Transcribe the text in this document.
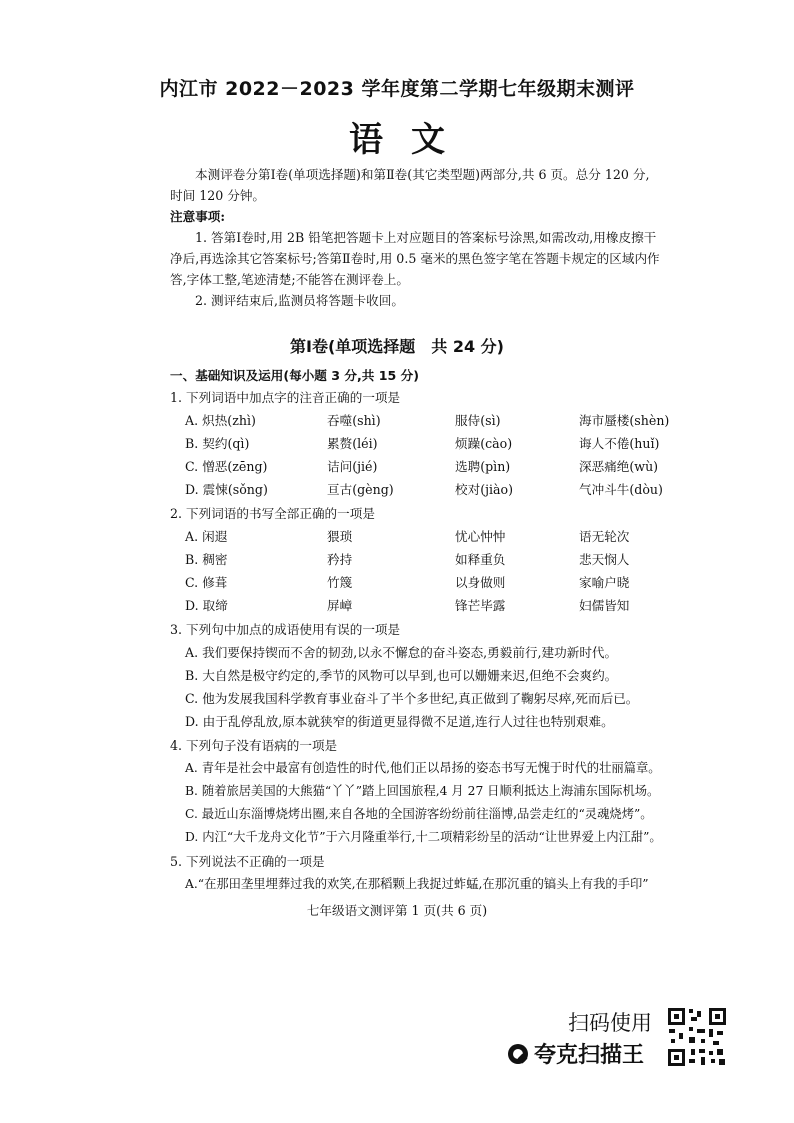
内江市 2022－2023 学年度第二学期七年级期末测评
语文
本测评卷分第Ⅰ卷(单项选择题)和第Ⅱ卷(其它类型题)两部分,共 6 页。总分 120 分,
时间 120 分钟。
注意事项:
1. 答第Ⅰ卷时,用 2B 铅笔把答题卡上对应题目的答案标号涂黑,如需改动,用橡皮擦干
净后,再选涂其它答案标号;答第Ⅱ卷时,用 0.5 毫米的黑色签字笔在答题卡规定的区域内作
答,字体工整,笔迹清楚;不能答在测评卷上。
2. 测评结束后,监测员将答题卡收回。
第Ⅰ卷(单项选择题　共 24 分)
一、基础知识及运用(每小题 3 分,共 15 分)
1. 下列词语中加点字的注音正确的一项是
A. 炽热(zhì)	吞噬(shì)	服侍(sì)	海市蜃楼(shèn)
B. 契约(qì)	累赘(léi)	烦躁(cào)	诲人不倦(huǐ)
C. 憎恶(zēng)	诘问(jié)	选聘(pìn)	深恶痛绝(wù)
D. 震悚(sǒng)	亘古(gèng)	校对(jiào)	气冲斗牛(dòu)
2. 下列词语的书写全部正确的一项是
A. 闲遐	猥琐	忧心忡忡	语无轮次
B. 稠密	矜持	如释重负	悲天悯人
C. 修葺	竹篾	以身做则	家喻户晓
D. 取缔	屏嶂	锋芒毕露	妇儒皆知
3. 下列句中加点的成语使用有误的一项是
A. 我们要保持锲而不舍的韧劲,以永不懈怠的奋斗姿态,勇毅前行,建功新时代。
B. 大自然是极守约定的,季节的风物可以早到,也可以姗姗来迟,但绝不会爽约。
C. 他为发展我国科学教育事业奋斗了半个多世纪,真正做到了鞠躬尽瘁,死而后已。
D. 由于乱停乱放,原本就狭窄的街道更显得微不足道,连行人过往也特别艰难。
4. 下列句子没有语病的一项是
A. 青年是社会中最富有创造性的时代,他们正以昂扬的姿态书写无愧于时代的壮丽篇章。
B. 随着旅居美国的大熊猫“丫丫”踏上回国旅程,4 月 27 日顺利抵达上海浦东国际机场。
C. 最近山东淄博烧烤出圈,来自各地的全国游客纷纷前往淄博,品尝走红的“灵魂烧烤”。
D. 内江“大千龙舟文化节”于六月隆重举行,十二项精彩纷呈的活动“让世界爱上内江甜”。
5. 下列说法不正确的一项是
A.“在那田垄里埋葬过我的欢笑,在那稻颗上我捉过蚱蜢,在那沉重的镐头上有我的手印”
七年级语文测评第 1 页(共 6 页)
扫码使用
夸克扫描王
